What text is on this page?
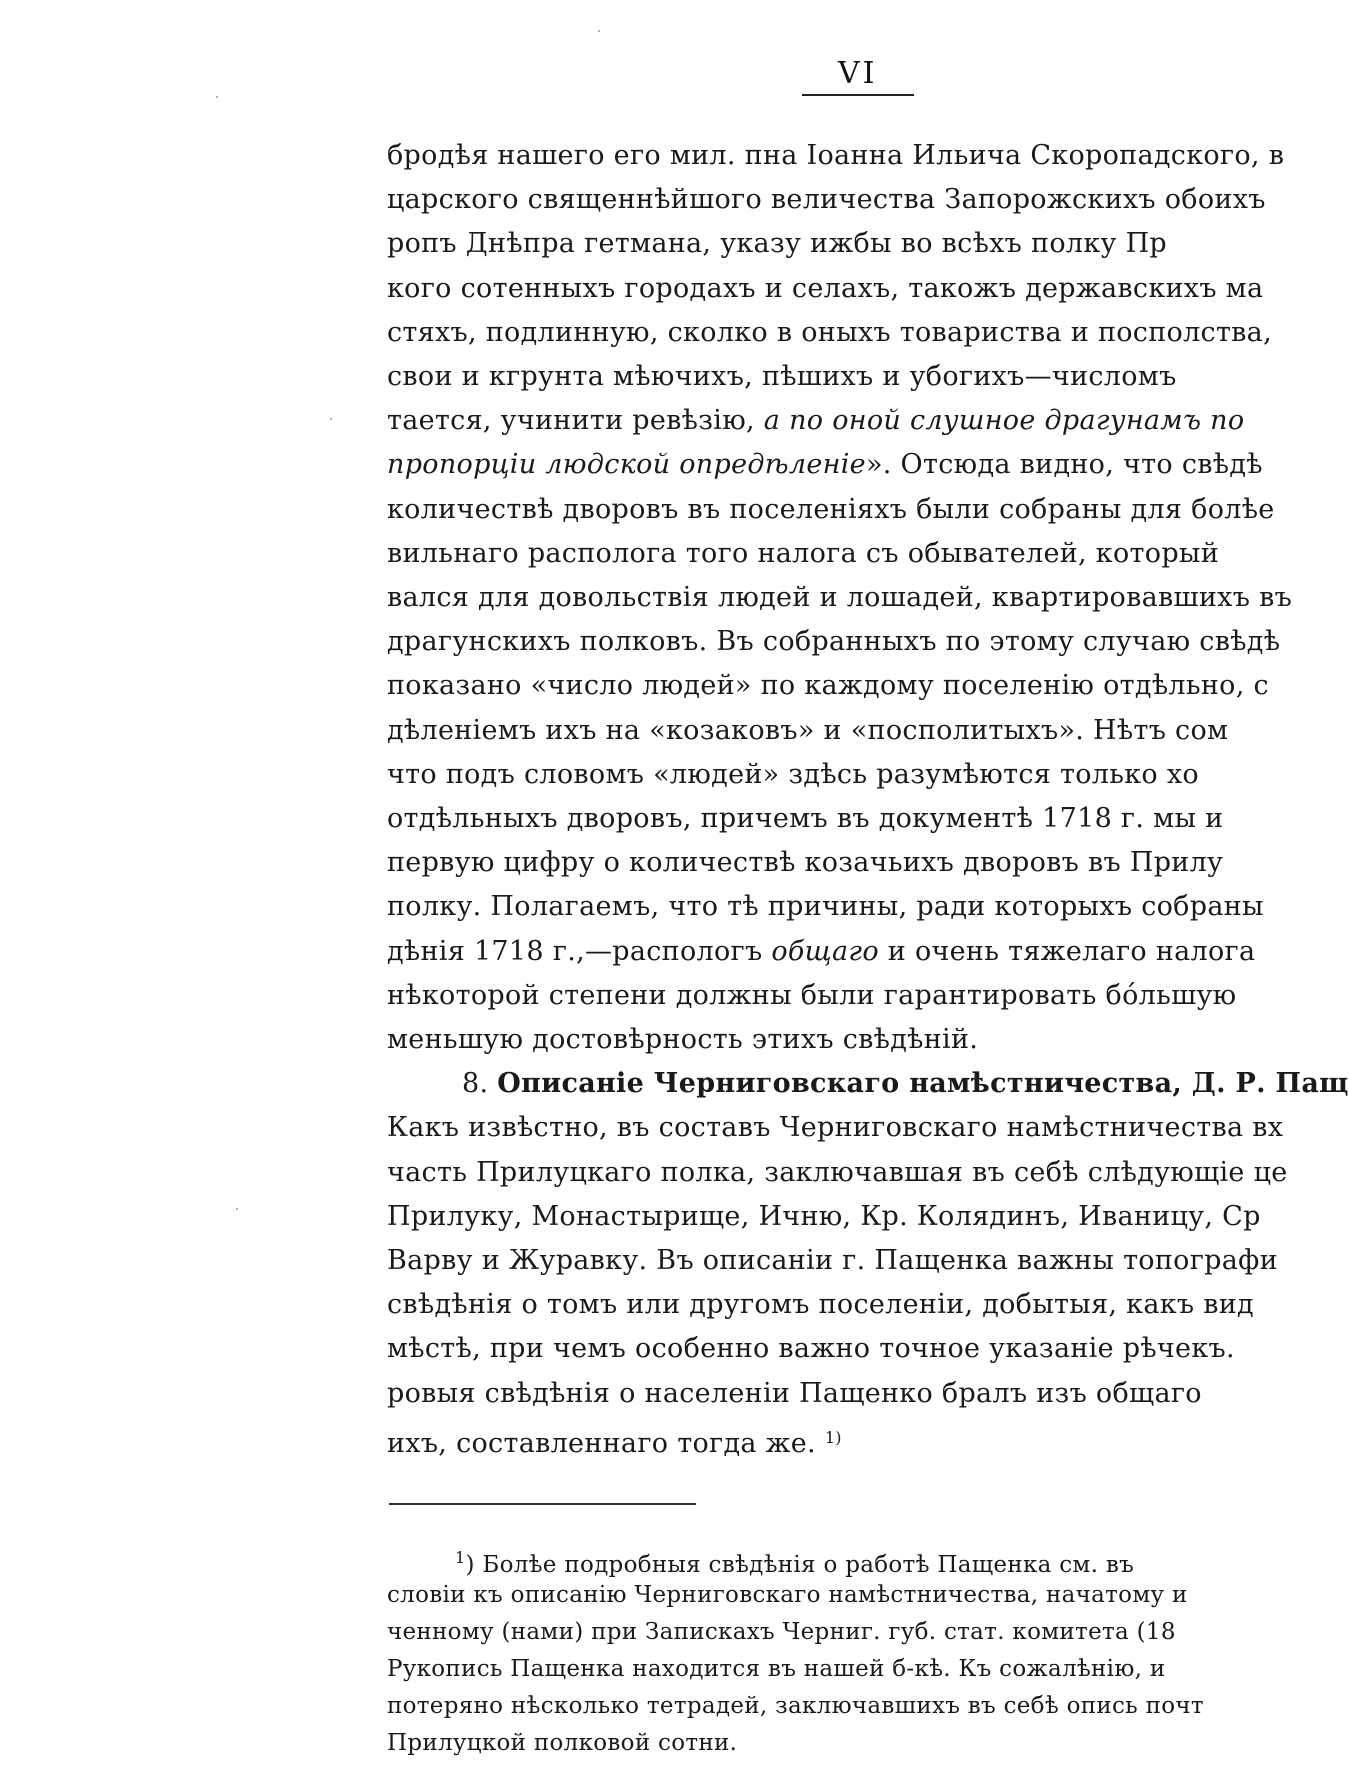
VI
бродѣя нашего его мил. пна Іоанна Ильича Скоропадского, в
царского священнѣйшого величества Запорожскихъ обоихъ
ропъ Днѣпра гетмана, указу ижбы во всѣхъ полку Пр
кого сотенныхъ городахъ и селахъ, такожъ державскихъ ма
стяхъ, подлинную, сколко в оныхъ товариства и посполства,
свои и кгрунта мѣючихъ, пѣшихъ и убогихъ—числомъ
тается, учинити ревѣзію, а по оной слушное драгунамъ по
пропорціи людской опредѣленіе». Отсюда видно, что свѣдѣ
количествѣ дворовъ въ поселеніяхъ были собраны для болѣе
вильнаго распологa того налога съ обывателей, который
вался для довольствія людей и лошадей, квартировавшихъ въ
драгунскихъ полковъ. Въ собранныхъ по этому случаю свѣдѣ
показано «число людей» по каждому поселенію отдѣльно, с
дѣленіемъ ихъ на «козаковъ» и «посполитыхъ». Нѣтъ сом
что подъ словомъ «людей» здѣсь разумѣются только хо
отдѣльныхъ дворовъ, причемъ въ документѣ 1718 г. мы и
первую цифру о количествѣ козачьихъ дворовъ въ Прилу
полку. Полагаемъ, что тѣ причины, ради которыхъ собраны
дѣнія 1718 г.,—распологъ общаго и очень тяжелаго налога
нѣкоторой степени должны были гарантировать бо́льшую
меньшую достовѣрность этихъ свѣдѣній.
8. Описаніе Черниговскаго намѣстничества, Д. Р. Пащ
Какъ извѣстно, въ составъ Черниговскаго намѣстничества вх
часть Прилуцкаго полка, заключавшая въ себѣ слѣдующіе це
Прилуку, Монастырище, Ичню, Кр. Колядинъ, Иваницу, Ср
Варву и Журавку. Въ описаніи г. Пащенка важны топографи
свѣдѣнія о томъ или другомъ поселеніи, добытыя, какъ вид
мѣстѣ, при чемъ особенно важно точное указаніе рѣчекъ.
ровыя свѣдѣнія о населеніи Пащенко бралъ изъ общаго
ихъ, составленнаго тогда же. $^{1)}$
$^1$) Болѣе подробныя свѣдѣнія о работѣ Пащенка см. въ
словіи къ описанію Черниговскаго намѣстничества, начатому и
ченному (нами) при Запискахъ Черниг. губ. стат. комитета (18
Рукопись Пащенка находится въ нашей б-кѣ. Къ сожалѣнію, и
потеряно нѣсколько тетрадей, заключавшихъ въ себѣ опись почт
Прилуцкой полковой сотни.
